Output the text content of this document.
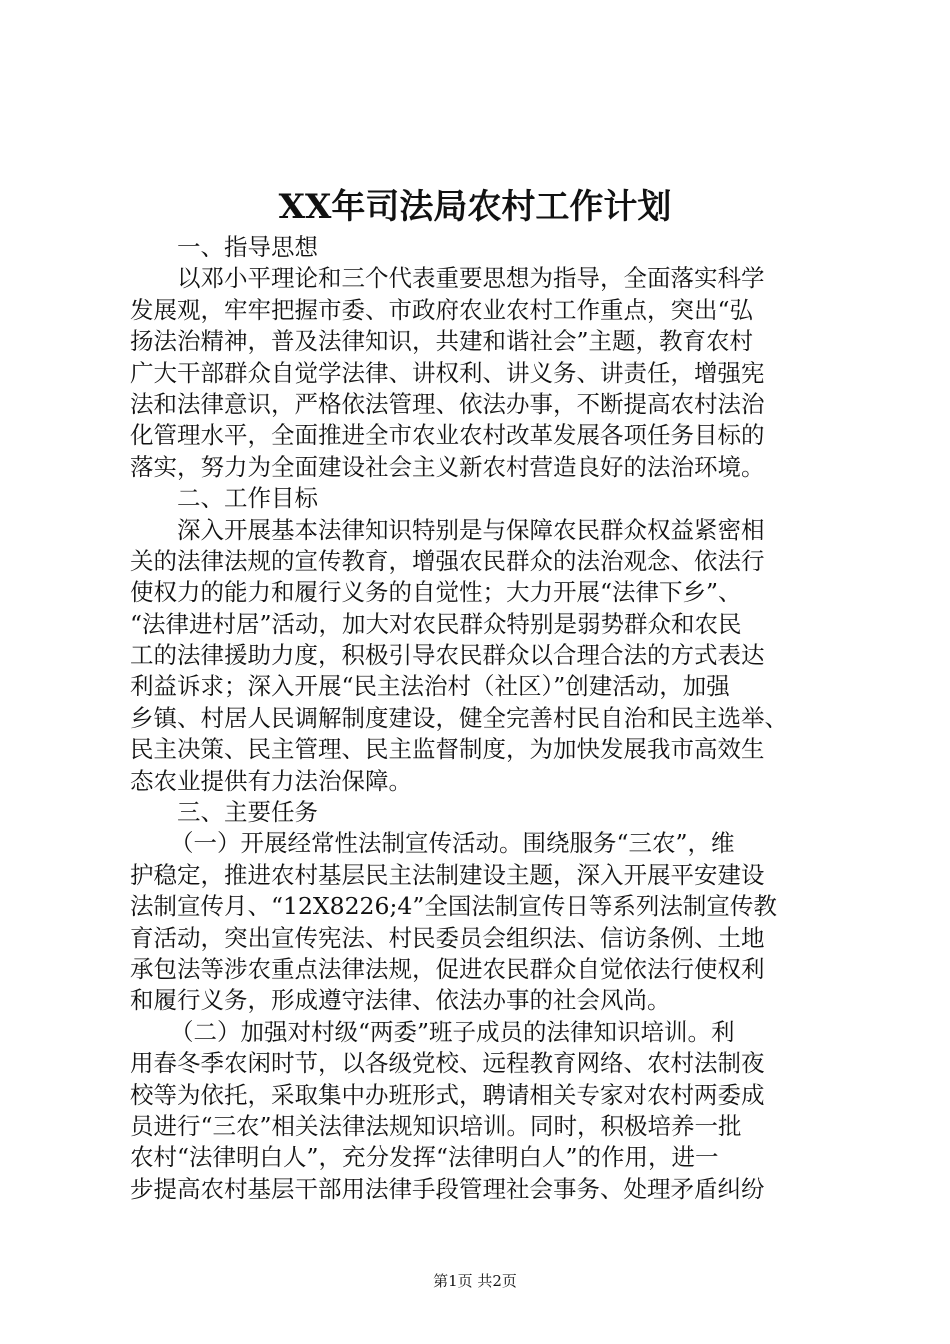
XX年司法局农村工作计划
一、指导思想
以邓小平理论和三个代表重要思想为指导，全面落实科学
发展观，牢牢把握市委、市政府农业农村工作重点，突出“弘
扬法治精神，普及法律知识，共建和谐社会”主题，教育农村
广大干部群众自觉学法律、讲权利、讲义务、讲责任，增强宪
法和法律意识，严格依法管理、依法办事，不断提高农村法治
化管理水平，全面推进全市农业农村改革发展各项任务目标的
落实，努力为全面建设社会主义新农村营造良好的法治环境。
二、工作目标
深入开展基本法律知识特别是与保障农民群众权益紧密相
关的法律法规的宣传教育，增强农民群众的法治观念、依法行
使权力的能力和履行义务的自觉性；大力开展“法律下乡”、
“法律进村居”活动，加大对农民群众特别是弱势群众和农民
工的法律援助力度，积极引导农民群众以合理合法的方式表达
利益诉求；深入开展“民主法治村（社区）”创建活动，加强
乡镇、村居人民调解制度建设，健全完善村民自治和民主选举、
民主决策、民主管理、民主监督制度，为加快发展我市高效生
态农业提供有力法治保障。
三、主要任务
（一）开展经常性法制宣传活动。围绕服务“三农”，维
护稳定，推进农村基层民主法制建设主题，深入开展平安建设
法制宣传月、“12X8226;4”全国法制宣传日等系列法制宣传教
育活动，突出宣传宪法、村民委员会组织法、信访条例、土地
承包法等涉农重点法律法规，促进农民群众自觉依法行使权利
和履行义务，形成遵守法律、依法办事的社会风尚。
（二）加强对村级“两委”班子成员的法律知识培训。利
用春冬季农闲时节，以各级党校、远程教育网络、农村法制夜
校等为依托，采取集中办班形式，聘请相关专家对农村两委成
员进行“三农”相关法律法规知识培训。同时，积极培养一批
农村“法律明白人”，充分发挥“法律明白人”的作用，进一
步提高农村基层干部用法律手段管理社会事务、处理矛盾纠纷
第1页 共2页
